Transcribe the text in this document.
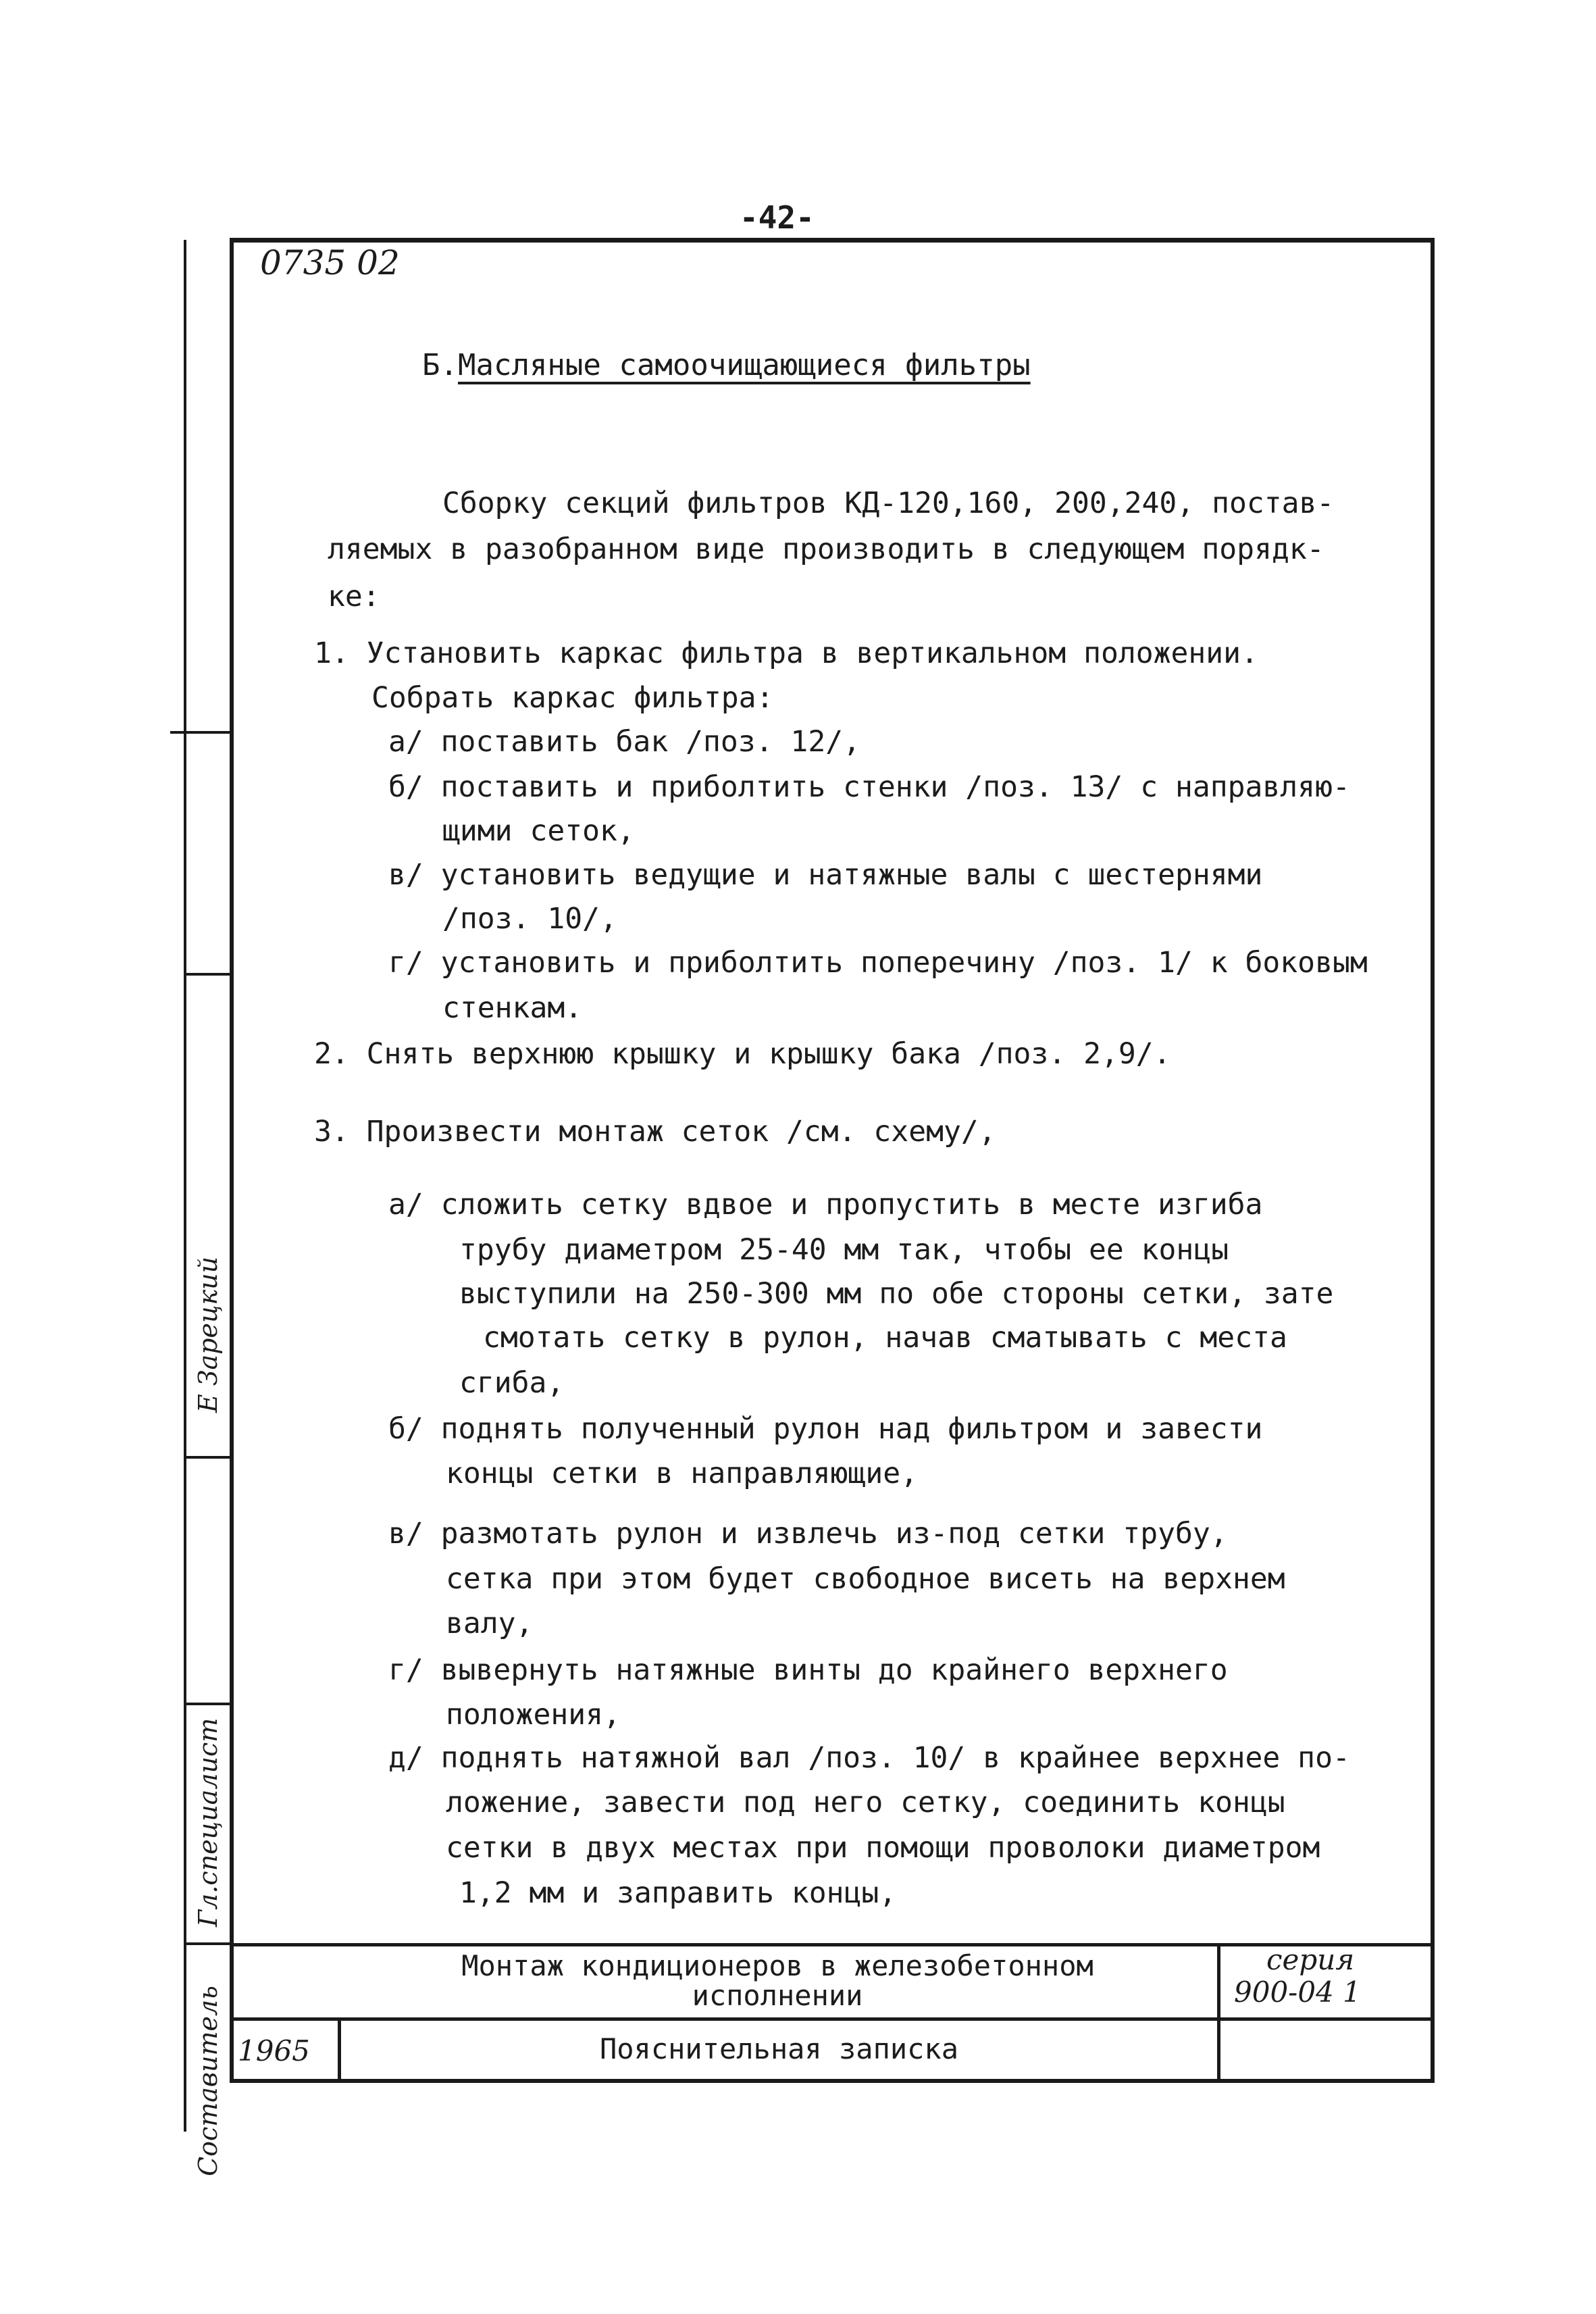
-42-
Е Зарецкий
Гл.специалист
Составитель
0735 02
Б.Масляные самоочищающиеся фильтры
Сборку секций фильтров КД-120,160, 200,240, постав-
ляемых в разобранном виде производить в следующем порядк-
ке:
1. Установить каркас фильтра в вертикальном положении.
Собрать каркас фильтра:
а/ поставить бак /поз. 12/,
б/ поставить и приболтить стенки /поз. 13/ с направляю-
щими сеток,
в/ установить ведущие и натяжные валы с шестернями
/поз. 10/,
г/ установить и приболтить поперечину /поз. 1/ к боковым
стенкам.
2. Снять верхнюю крышку и крышку бака /поз. 2,9/.
3. Произвести монтаж сеток /см. схему/,
а/ сложить сетку вдвое и пропустить в месте изгиба
трубу диаметром 25-40 мм так, чтобы ее концы
выступили на 250-300 мм по обе стороны сетки, зате
смотать сетку в рулон, начав сматывать с места
сгиба,
б/ поднять полученный рулон над фильтром и завести
концы сетки в направляющие,
в/ размотать рулон и извлечь из-под сетки трубу,
сетка при этом будет свободное висеть на верхнем
валу,
г/ вывернуть натяжные винты до крайнего верхнего
положения,
д/ поднять натяжной вал /поз. 10/ в крайнее верхнее по-
ложение, завести под него сетку, соединить концы
сетки в двух местах при помощи проволоки диаметром
1,2 мм и заправить концы,
Монтаж кондиционеров в железобетонном
исполнении
серия
900-04 1
1965	Пояснительная записка
